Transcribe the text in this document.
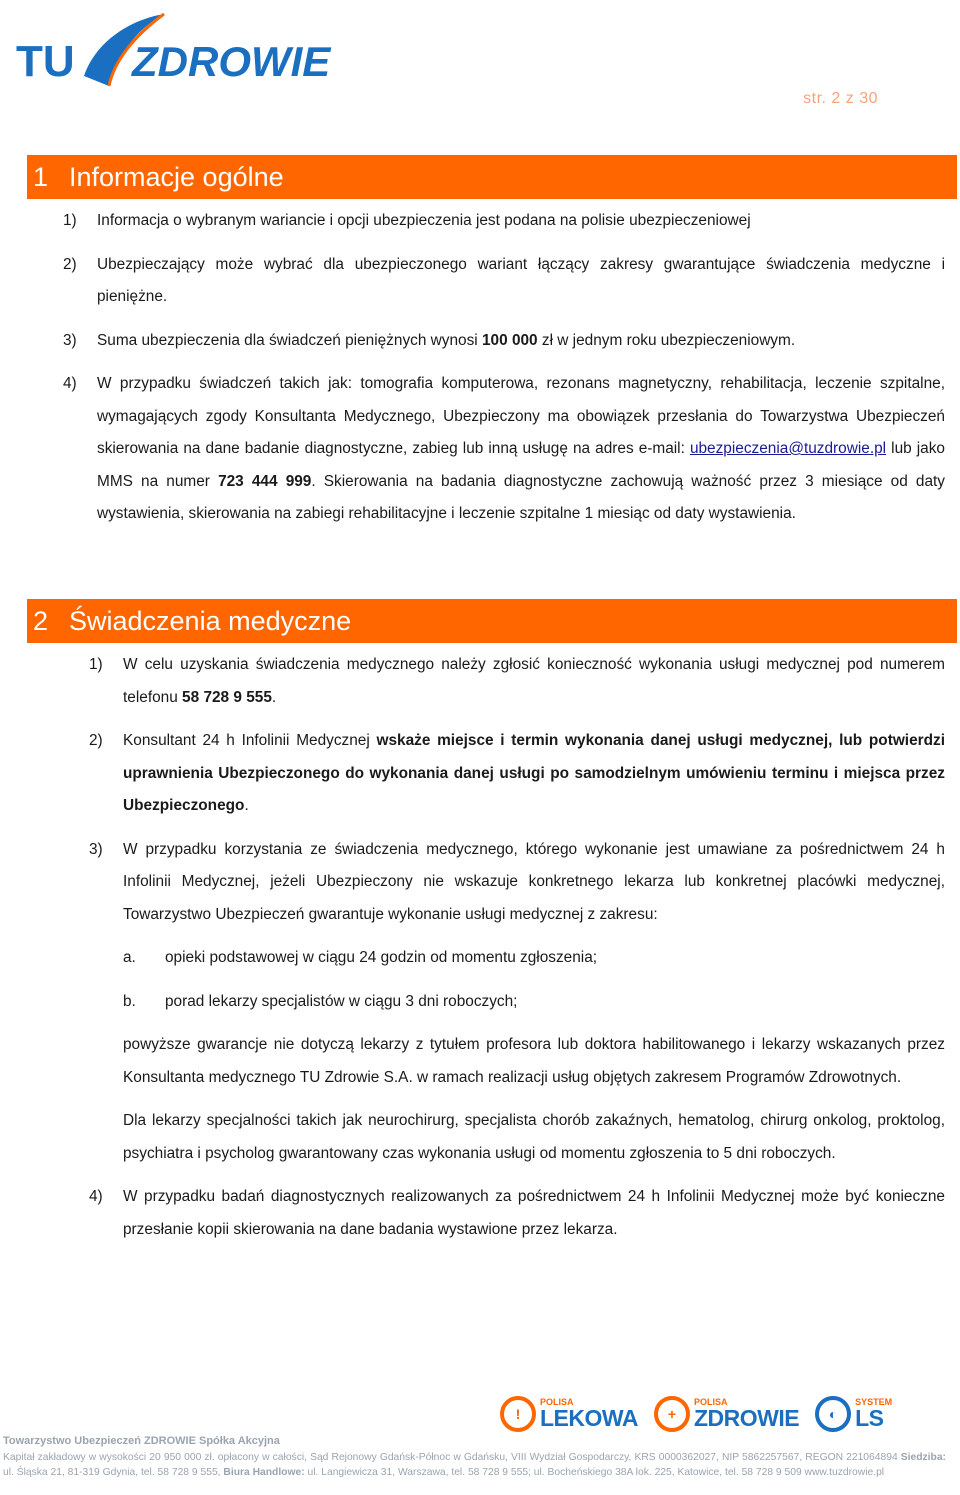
TU ZDROWIE
str. 2 z 30
1 Informacje ogólne
1) Informacja o wybranym wariancie i opcji ubezpieczenia jest podana na polisie ubezpieczeniowej
2) Ubezpieczający może wybrać dla ubezpieczonego wariant łączący zakresy gwarantujące świadczenia medyczne i pieniężne.
3) Suma ubezpieczenia dla świadczeń pieniężnych wynosi 100 000 zł w jednym roku ubezpieczeniowym.
4) W przypadku świadczeń takich jak: tomografia komputerowa, rezonans magnetyczny, rehabilitacja, leczenie szpitalne, wymagających zgody Konsultanta Medycznego, Ubezpieczony ma obowiązek przesłania do Towarzystwa Ubezpieczeń skierowania na dane badanie diagnostyczne, zabieg lub inną usługę na adres e-mail: ubezpieczenia@tuzdrowie.pl lub jako MMS na numer 723 444 999. Skierowania na badania diagnostyczne zachowują ważność przez 3 miesiące od daty wystawienia, skierowania na zabiegi rehabilitacyjne i leczenie szpitalne 1 miesiąc od daty wystawienia.
2 Świadczenia medyczne
1) W celu uzyskania świadczenia medycznego należy zgłosić konieczność wykonania usługi medycznej pod numerem telefonu 58 728 9 555.
2) Konsultant 24 h Infolinii Medycznej wskaże miejsce i termin wykonania danej usługi medycznej, lub potwierdzi uprawnienia Ubezpieczonego do wykonania danej usługi po samodzielnym umówieniu terminu i miejsca przez Ubezpieczonego.
3) W przypadku korzystania ze świadczenia medycznego, którego wykonanie jest umawiane za pośrednictwem 24 h Infolinii Medycznej, jeżeli Ubezpieczony nie wskazuje konkretnego lekarza lub konkretnej placówki medycznej, Towarzystwo Ubezpieczeń gwarantuje wykonanie usługi medycznej z zakresu:
a. opieki podstawowej w ciągu 24 godzin od momentu zgłoszenia;
b. porad lekarzy specjalistów w ciągu 3 dni roboczych;
powyższe gwarancje nie dotyczą lekarzy z tytułem profesora lub doktora habilitowanego i lekarzy wskazanych przez Konsultanta medycznego TU Zdrowie S.A. w ramach realizacji usług objętych zakresem Programów Zdrowotnych.
Dla lekarzy specjalności takich jak neurochirurg, specjalista chorób zakaźnych, hematolog, chirurg onkolog, proktolog, psychiatra i psycholog gwarantowany czas wykonania usługi od momentu zgłoszenia to 5 dni roboczych.
4) W przypadku badań diagnostycznych realizowanych za pośrednictwem 24 h Infolinii Medycznej może być konieczne przesłanie kopii skierowania na dane badania wystawione przez lekarza.
!
POLISA
LEKOWA	+
POLISA
ZDROWIE	◐
SYSTEM
LS
Towarzystwo Ubezpieczeń ZDROWIE Spółka Akcyjna
Kapitał zakładowy w wysokości 20 950 000 zł. opłacony w całości, Sąd Rejonowy Gdańsk-Północ w Gdańsku, VIII Wydział Gospodarczy, KRS 0000362027, NIP 5862257567, REGON 221064894 Siedziba: ul. Śląska 21, 81-319 Gdynia, tel. 58 728 9 555, Biura Handlowe: ul. Langiewicza 31, Warszawa, tel. 58 728 9 555; ul. Bocheńskiego 38A lok. 225, Katowice, tel. 58 728 9 509 www.tuzdrowie.pl
